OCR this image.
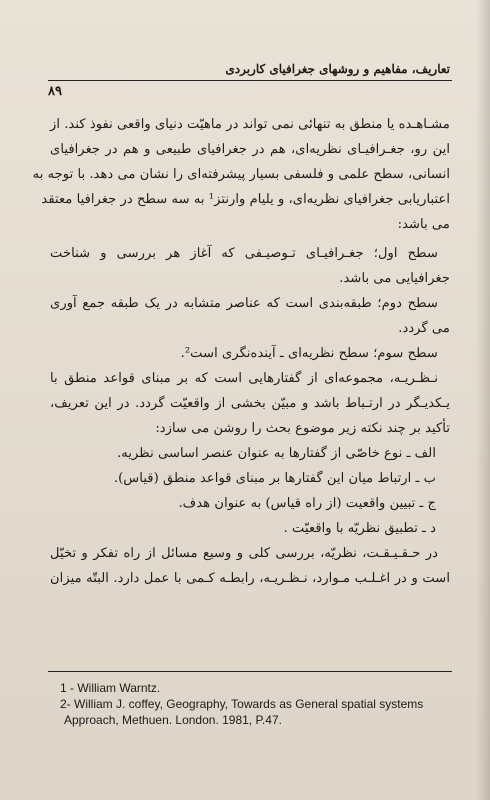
تعاریف، مفاهیم و روشهای جغرافیای کاربردی
۸۹
مشـاهـده یا منطق به تنهائی نمی تواند در ماهیّت دنیای واقعی نفوذ کند. از
این رو، جغـرافیـای نظریه‌ای، هم در جغرافیای طبیعی و هم در جغرافیای
انسانی، سطح علمی و فلسفی بسیار پیشرفته‌ای را نشان می دهد. با توجه به
اعتباریابی جغرافیای نظریه‌ای، و یلیام وارنتز¹ به سه سطح در جغرافیا معتقد
می باشد:
سطح اول؛ جغـرافیـای تـوصیـفی که آغاز هر بررسی و شناخت
جغرافیایی می باشد.
سطح دوم؛ طبقه‌بندی است که عناصر متشابه در یک طبقه جمع آوری
می گردد.
سطح سوم؛ سطح نظریه‌ای ـ آینده‌نگری است².
نـظـریـه، مجموعه‌ای از گفتارهایی است که بر مبنای قواعد منطق با
یـکدیـگر در ارتـباط باشد و مبیّن بخشی از واقعیّت گردد. در این تعریف،
تأکید بر چند نکته زیر موضوع بحث را روشن می سازد:
الف ـ نوع خاصّی از گفتارها به عنوان عنصر اساسی نظریه.
ب ـ ارتباط میان این گفتارها بر مبنای قواعد منطق (قیاس).
ج ـ تبیین واقعیت (از راه قیاس) به عنوان هدف.
د ـ تطبیق نظریّه با واقعیّت .
در حـقـیـقـت، نظریّه، بررسی کلی و وسیع مسائل از راه تفکر و تخیّل
است و در اغـلـب مـوارد، نـظـریـه، رابطـه کـمی با عمل دارد. البتّه میزان
1 - William Warntz.
2- William J. coffey, Geography, Towards as General spatial systems
Approach, Methuen. London. 1981, P.47.
